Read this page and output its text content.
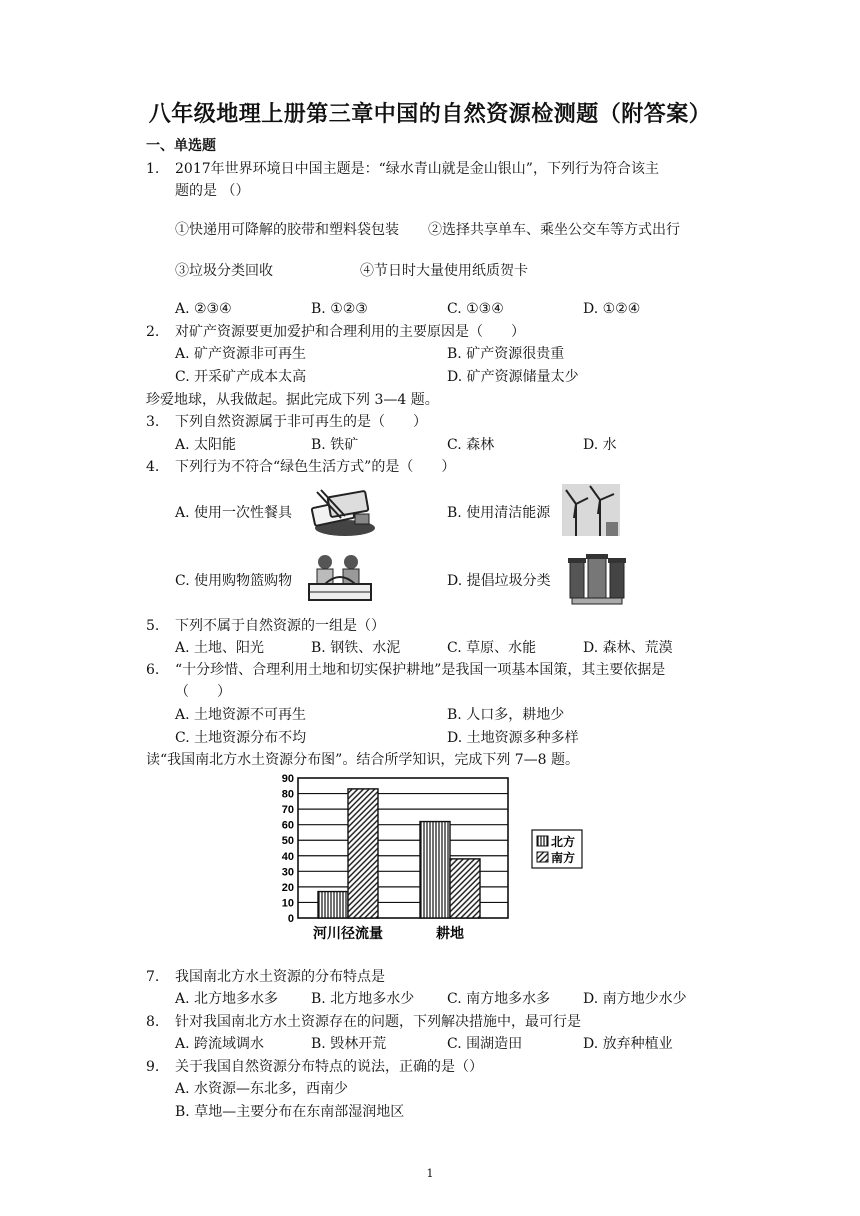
八年级地理上册第三章中国的自然资源检测题（附答案）
一、单选题
1. 2017年世界环境日中国主题是：“绿水青山就是金山银山”，下列行为符合该主
题的是 （）
①快递用可降解的胶带和塑料袋包装 ②选择共享单车、乘坐公交车等方式出行
③垃圾分类回收	④节日时大量使用纸质贺卡
A. ②③④	B. ①②③	C. ①③④	D. ①②④
2. 对矿产资源要更加爱护和合理利用的主要原因是（　　）
A. 矿产资源非可再生	B. 矿产资源很贵重
C. 开采矿产成本太高	D. 矿产资源储量太少
珍爱地球，从我做起。据此完成下列 3—4 题。
3. 下列自然资源属于非可再生的是（　　）
A. 太阳能	B. 铁矿	C. 森林	D. 水
4. 下列行为不符合“绿色生活方式”的是（　　）
A. 使用一次性餐具	B. 使用清洁能源
C. 使用购物篮购物	D. 提倡垃圾分类
5. 下列不属于自然资源的一组是（）
A. 土地、阳光	B. 钢铁、水泥	C. 草原、水能	D. 森林、荒漠
6. “十分珍惜、合理利用土地和切实保护耕地”是我国一项基本国策，其主要依据是
（　　）
A. 土地资源不可再生	B. 人口多，耕地少
C. 土地资源分布不均	D. 土地资源多种多样
读“我国南北方水土资源分布图”。结合所学知识，完成下列 7—8 题。
90
80
70
60
50
40
30
20
10
0
河川径流量	耕地
北方
南方
7. 我国南北方水土资源的分布特点是
A. 北方地多水多 B. 北方地多水少 C. 南方地多水多 D. 南方地少水少
8. 针对我国南北方水土资源存在的问题，下列解决措施中，最可行是
A. 跨流域调水	B. 毁林开荒	C. 围湖造田	D. 放弃种植业
9. 关于我国自然资源分布特点的说法，正确的是（）
A. 水资源—东北多，西南少
B. 草地—主要分布在东南部湿润地区
1
